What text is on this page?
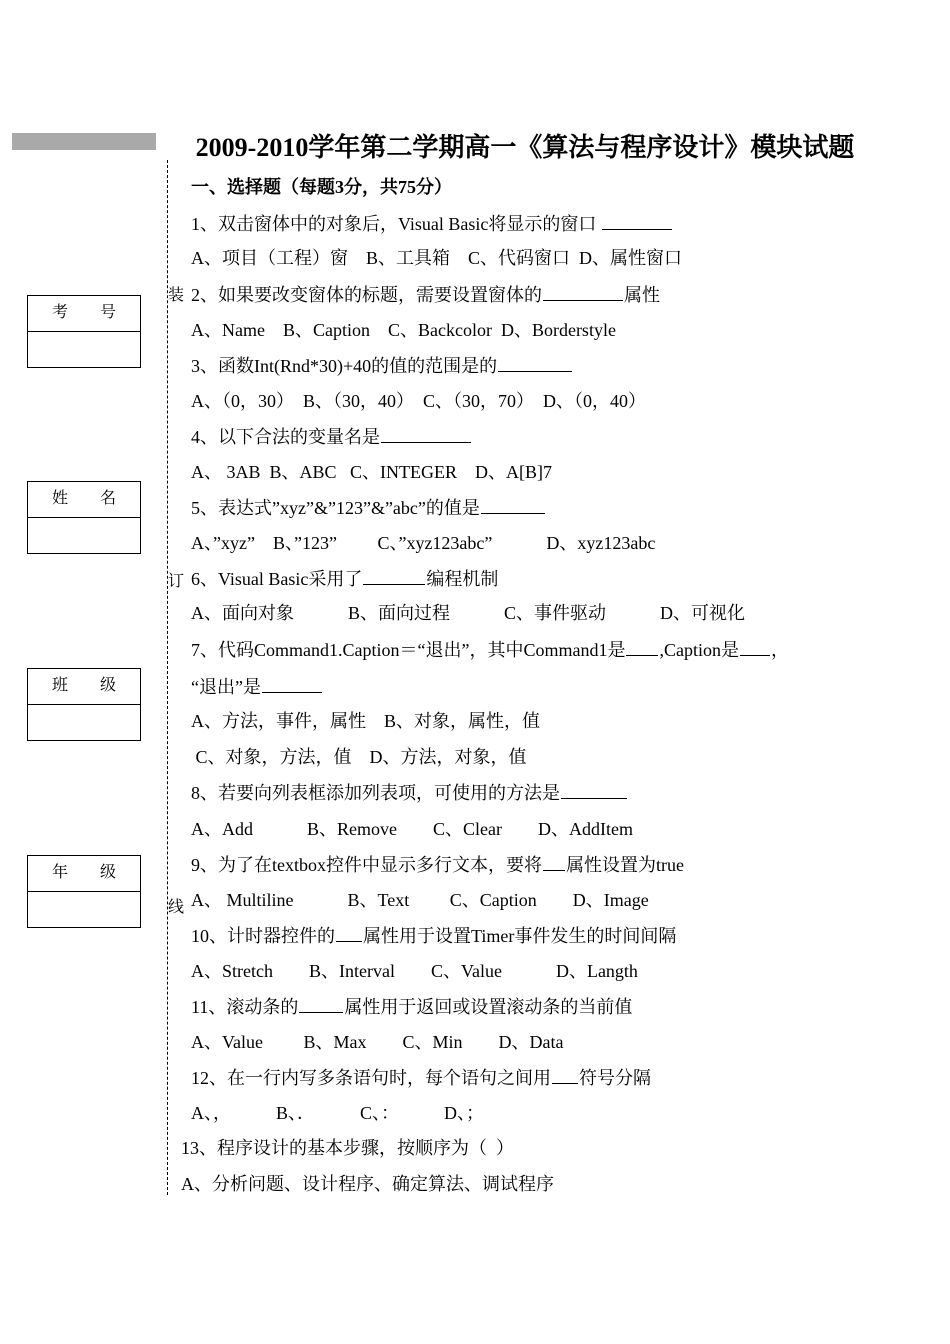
装
订
线
考　　号
姓　　名
班　　级
年　　级
2009-2010学年第二学期高一《算法与程序设计》模块试题
一、选择题（每题3分，共75分）
1、双击窗体中的对象后，Visual Basic将显示的窗口
A、项目（工程）窗　B、工具箱　C、代码窗口  D、属性窗口
2、如果要改变窗体的标题，需要设置窗体的	属性
A、Name　B、Caption　C、Backcolor  D、Borderstyle
3、函数Int(Rnd*30)+40的值的范围是的
A、（0，30）　B、（30，40）　C、（30，70）　D、（0，40）
4、以下合法的变量名是
A、 3AB  B、ABC   C、INTEGER    D、A[B]7
5、表达式”xyz”&”123”&”abc”的值是
A、”xyz”　B、”123”　　 C、”xyz123abc”　　　D、xyz123abc
6、Visual Basic采用了	编程机制
A、面向对象　　　B、面向过程　　　C、事件驱动　　　D、可视化
7、代码Command1.Caption＝“退出”，其中Command1是 ,Caption是 ，
“退出”是
A、方法，事件，属性　B、对象，属性，值
C、对象，方法，值　D、方法，对象，值
8、若要向列表框添加列表项，可使用的方法是
A、Add　　　B、Remove　　C、Clear　　D、AddItem
9、为了在textbox控件中显示多行文本，要将 属性设置为true
A、 Multiline　　　B、Text　　 C、Caption　　D、Image
10、计时器控件的 属性用于设置Timer事件发生的时间间隔
A、Stretch　　B、Interval　　C、Value　　　D、Langth
11、滚动条的	属性用于返回或设置滚动条的当前值
A、Value　　 B、Max　　C、Min　　D、Data
12、在一行内写多条语句时，每个语句之间用 符号分隔
A、，　　　B、．　　　C、：　　　D、；
13、程序设计的基本步骤，按顺序为（  ）
A、分析问题、设计程序、确定算法、调试程序
